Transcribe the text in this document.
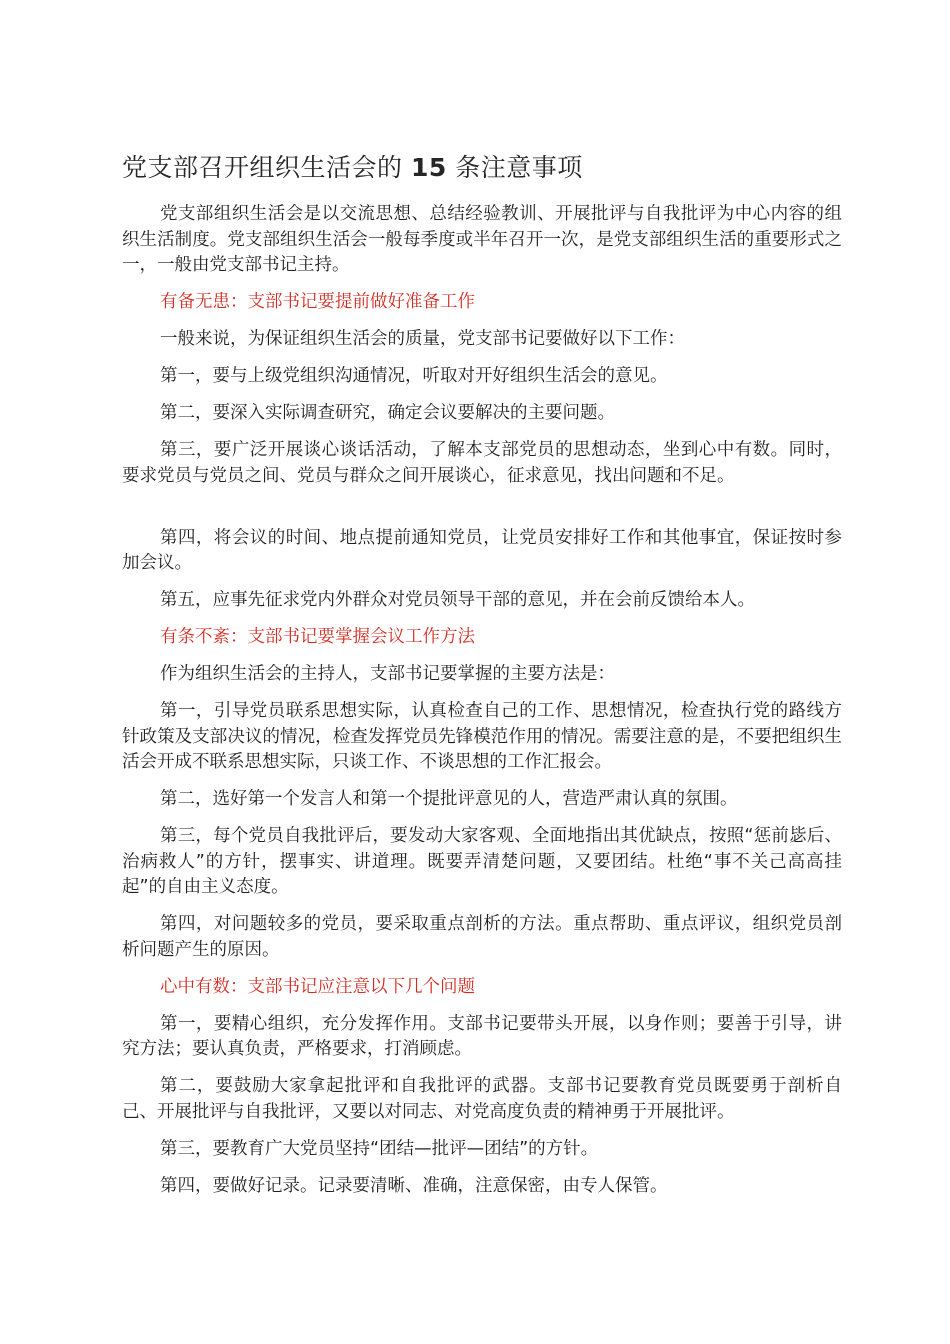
党支部召开组织生活会的 15 条注意事项

党支部组织生活会是以交流思想、总结经验教训、开展批评与自我批评为中心内容的组织生活制度。党支部组织生活会一般每季度或半年召开一次，是党支部组织生活的重要形式之一，一般由党支部书记主持。

有备无患：支部书记要提前做好准备工作

一般来说，为保证组织生活会的质量，党支部书记要做好以下工作：

第一，要与上级党组织沟通情况，听取对开好组织生活会的意见。

第二，要深入实际调查研究，确定会议要解决的主要问题。

第三，要广泛开展谈心谈话活动，了解本支部党员的思想动态，坐到心中有数。同时，要求党员与党员之间、党员与群众之间开展谈心，征求意见，找出问题和不足。

第四，将会议的时间、地点提前通知党员，让党员安排好工作和其他事宜，保证按时参加会议。

第五，应事先征求党内外群众对党员领导干部的意见，并在会前反馈给本人。

有条不紊：支部书记要掌握会议工作方法

作为组织生活会的主持人，支部书记要掌握的主要方法是：

第一，引导党员联系思想实际，认真检查自己的工作、思想情况，检查执行党的路线方针政策及支部决议的情况，检查发挥党员先锋模范作用的情况。需要注意的是，不要把组织生活会开成不联系思想实际，只谈工作、不谈思想的工作汇报会。

第二，选好第一个发言人和第一个提批评意见的人，营造严肃认真的氛围。

第三，每个党员自我批评后，要发动大家客观、全面地指出其优缺点，按照“惩前毖后、治病救人”的方针，摆事实、讲道理。既要弄清楚问题，又要团结。杜绝“事不关己高高挂起”的自由主义态度。

第四，对问题较多的党员，要采取重点剖析的方法。重点帮助、重点评议，组织党员剖析问题产生的原因。

心中有数：支部书记应注意以下几个问题

第一，要精心组织，充分发挥作用。支部书记要带头开展，以身作则；要善于引导，讲究方法；要认真负责，严格要求，打消顾虑。

第二，要鼓励大家拿起批评和自我批评的武器。支部书记要教育党员既要勇于剖析自己、开展批评与自我批评，又要以对同志、对党高度负责的精神勇于开展批评。

第三，要教育广大党员坚持“团结—批评—团结”的方针。

第四，要做好记录。记录要清晰、准确，注意保密，由专人保管。
